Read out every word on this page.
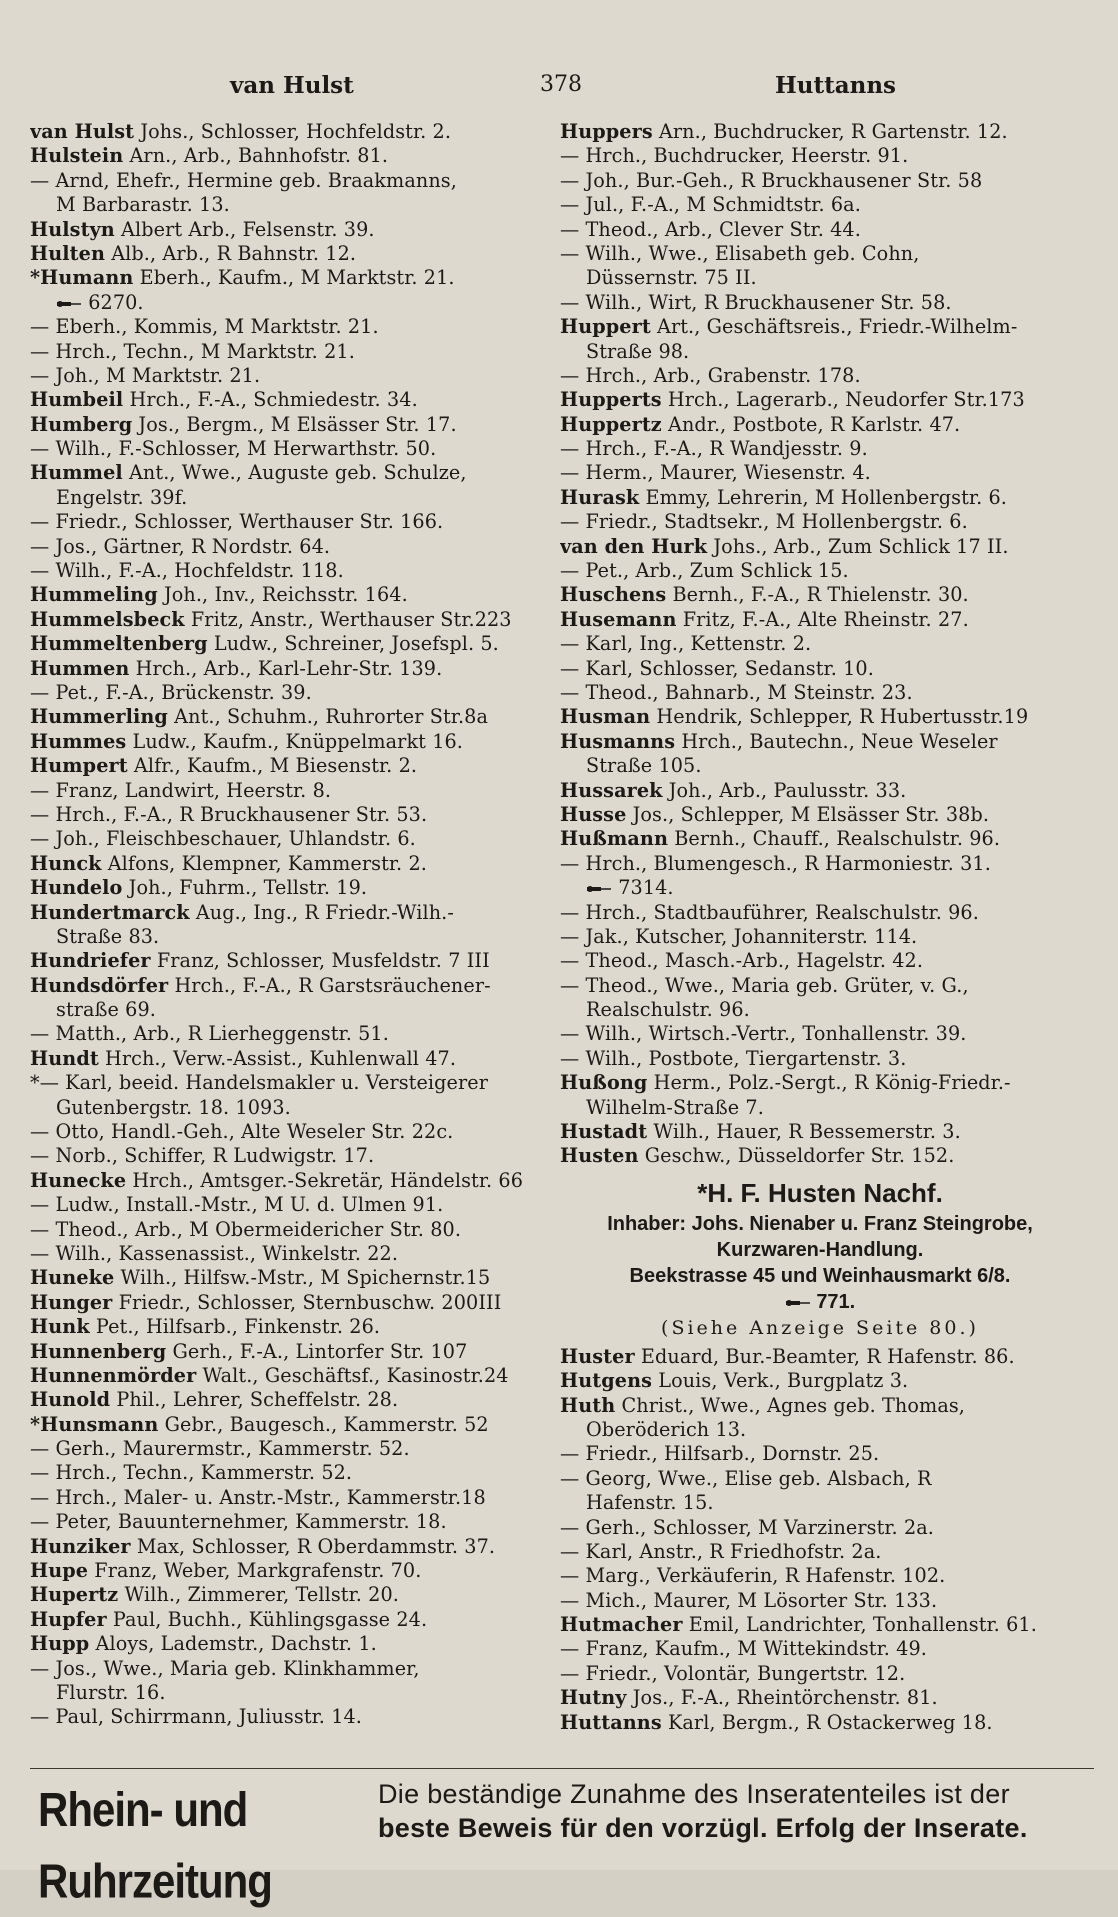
van Hulst	378	Huttanns
van Hulst Johs., Schlosser, Hochfeldstr. 2.
Hulstein Arn., Arb., Bahnhofstr. 81.
— Arnd, Ehefr., Hermine geb. Braakmanns,
M Barbarastr. 13.
Hulstyn Albert Arb., Felsenstr. 39.
Hulten Alb., Arb., R Bahnstr. 12.
*Humann Eberh., Kaufm., M Marktstr. 21.
6270.
— Eberh., Kommis, M Marktstr. 21.
— Hrch., Techn., M Marktstr. 21.
— Joh., M Marktstr. 21.
Humbeil Hrch., F.-A., Schmiedestr. 34.
Humberg Jos., Bergm., M Elsässer Str. 17.
— Wilh., F.-Schlosser, M Herwarthstr. 50.
Hummel Ant., Wwe., Auguste geb. Schulze,
Engelstr. 39f.
— Friedr., Schlosser, Werthauser Str. 166.
— Jos., Gärtner, R Nordstr. 64.
— Wilh., F.-A., Hochfeldstr. 118.
Hummeling Joh., Inv., Reichsstr. 164.
Hummelsbeck Fritz, Anstr., Werthauser Str.223
Hummeltenberg Ludw., Schreiner, Josefspl. 5.
Hummen Hrch., Arb., Karl-Lehr-Str. 139.
— Pet., F.-A., Brückenstr. 39.
Hummerling Ant., Schuhm., Ruhrorter Str.8a
Hummes Ludw., Kaufm., Knüppelmarkt 16.
Humpert Alfr., Kaufm., M Biesenstr. 2.
— Franz, Landwirt, Heerstr. 8.
— Hrch., F.-A., R Bruckhausener Str. 53.
— Joh., Fleischbeschauer, Uhlandstr. 6.
Hunck Alfons, Klempner, Kammerstr. 2.
Hundelo Joh., Fuhrm., Tellstr. 19.
Hundertmarck Aug., Ing., R Friedr.-Wilh.-
Straße 83.
Hundriefer Franz, Schlosser, Musfeldstr. 7 III
Hundsdörfer Hrch., F.-A., R Garstsräuchener-
straße 69.
— Matth., Arb., R Lierheggenstr. 51.
Hundt Hrch., Verw.-Assist., Kuhlenwall 47.
*— Karl, beeid. Handelsmakler u. Versteigerer
Gutenbergstr. 18. 1093.
— Otto, Handl.-Geh., Alte Weseler Str. 22c.
— Norb., Schiffer, R Ludwigstr. 17.
Hunecke Hrch., Amtsger.-Sekretär, Händelstr. 66
— Ludw., Install.-Mstr., M U. d. Ulmen 91.
— Theod., Arb., M Obermeidericher Str. 80.
— Wilh., Kassenassist., Winkelstr. 22.
Huneke Wilh., Hilfsw.-Mstr., M Spichernstr.15
Hunger Friedr., Schlosser, Sternbuschw. 200III
Hunk Pet., Hilfsarb., Finkenstr. 26.
Hunnenberg Gerh., F.-A., Lintorfer Str. 107
Hunnenmörder Walt., Geschäftsf., Kasinostr.24
Hunold Phil., Lehrer, Scheffelstr. 28.
*Hunsmann Gebr., Baugesch., Kammerstr. 52
— Gerh., Maurermstr., Kammerstr. 52.
— Hrch., Techn., Kammerstr. 52.
— Hrch., Maler- u. Anstr.-Mstr., Kammerstr.18
— Peter, Bauunternehmer, Kammerstr. 18.
Hunziker Max, Schlosser, R Oberdammstr. 37.
Hupe Franz, Weber, Markgrafenstr. 70.
Hupertz Wilh., Zimmerer, Tellstr. 20.
Hupfer Paul, Buchh., Kühlingsgasse 24.
Hupp Aloys, Lademstr., Dachstr. 1.
— Jos., Wwe., Maria geb. Klinkhammer,
Flurstr. 16.
— Paul, Schirrmann, Juliusstr. 14.
Huppers Arn., Buchdrucker, R Gartenstr. 12.
— Hrch., Buchdrucker, Heerstr. 91.
— Joh., Bur.-Geh., R Bruckhausener Str. 58
— Jul., F.-A., M Schmidtstr. 6a.
— Theod., Arb., Clever Str. 44.
— Wilh., Wwe., Elisabeth geb. Cohn,
Düssernstr. 75 II.
— Wilh., Wirt, R Bruckhausener Str. 58.
Huppert Art., Geschäftsreis., Friedr.-Wilhelm-
Straße 98.
— Hrch., Arb., Grabenstr. 178.
Hupperts Hrch., Lagerarb., Neudorfer Str.173
Huppertz Andr., Postbote, R Karlstr. 47.
— Hrch., F.-A., R Wandjesstr. 9.
— Herm., Maurer, Wiesenstr. 4.
Hurask Emmy, Lehrerin, M Hollenbergstr. 6.
— Friedr., Stadtsekr., M Hollenbergstr. 6.
van den Hurk Johs., Arb., Zum Schlick 17 II.
— Pet., Arb., Zum Schlick 15.
Huschens Bernh., F.-A., R Thielenstr. 30.
Husemann Fritz, F.-A., Alte Rheinstr. 27.
— Karl, Ing., Kettenstr. 2.
— Karl, Schlosser, Sedanstr. 10.
— Theod., Bahnarb., M Steinstr. 23.
Husman Hendrik, Schlepper, R Hubertusstr.19
Husmanns Hrch., Bautechn., Neue Weseler
Straße 105.
Hussarek Joh., Arb., Paulusstr. 33.
Husse Jos., Schlepper, M Elsässer Str. 38b.
Hußmann Bernh., Chauff., Realschulstr. 96.
— Hrch., Blumengesch., R Harmoniestr. 31.
7314.
— Hrch., Stadtbauführer, Realschulstr. 96.
— Jak., Kutscher, Johanniterstr. 114.
— Theod., Masch.-Arb., Hagelstr. 42.
— Theod., Wwe., Maria geb. Grüter, v. G.,
Realschulstr. 96.
— Wilh., Wirtsch.-Vertr., Tonhallenstr. 39.
— Wilh., Postbote, Tiergartenstr. 3.
Hußong Herm., Polz.-Sergt., R König-Friedr.-
Wilhelm-Straße 7.
Hustadt Wilh., Hauer, R Bessemerstr. 3.
Husten Geschw., Düsseldorfer Str. 152.
*H. F. Husten Nachf.
Inhaber: Johs. Nienaber u. Franz Steingrobe,
Kurzwaren-Handlung.
Beekstrasse 45 und Weinhausmarkt 6/8.
771.
(Siehe Anzeige Seite 80.)
Huster Eduard, Bur.-Beamter, R Hafenstr. 86.
Hutgens Louis, Verk., Burgplatz 3.
Huth Christ., Wwe., Agnes geb. Thomas,
Oberöderich 13.
— Friedr., Hilfsarb., Dornstr. 25.
— Georg, Wwe., Elise geb. Alsbach, R
Hafenstr. 15.
— Gerh., Schlosser, M Varzinerstr. 2a.
— Karl, Anstr., R Friedhofstr. 2a.
— Marg., Verkäuferin, R Hafenstr. 102.
— Mich., Maurer, M Lösorter Str. 133.
Hutmacher Emil, Landrichter, Tonhallenstr. 61.
— Franz, Kaufm., M Wittekindstr. 49.
— Friedr., Volontär, Bungertstr. 12.
Hutny Jos., F.-A., Rheintörchenstr. 81.
Huttanns Karl, Bergm., R Ostackerweg 18.
Rhein- und Ruhrzeitung
Die beständige Zunahme des Inseratenteiles ist der
beste Beweis für den vorzügl. Erfolg der Inserate.
